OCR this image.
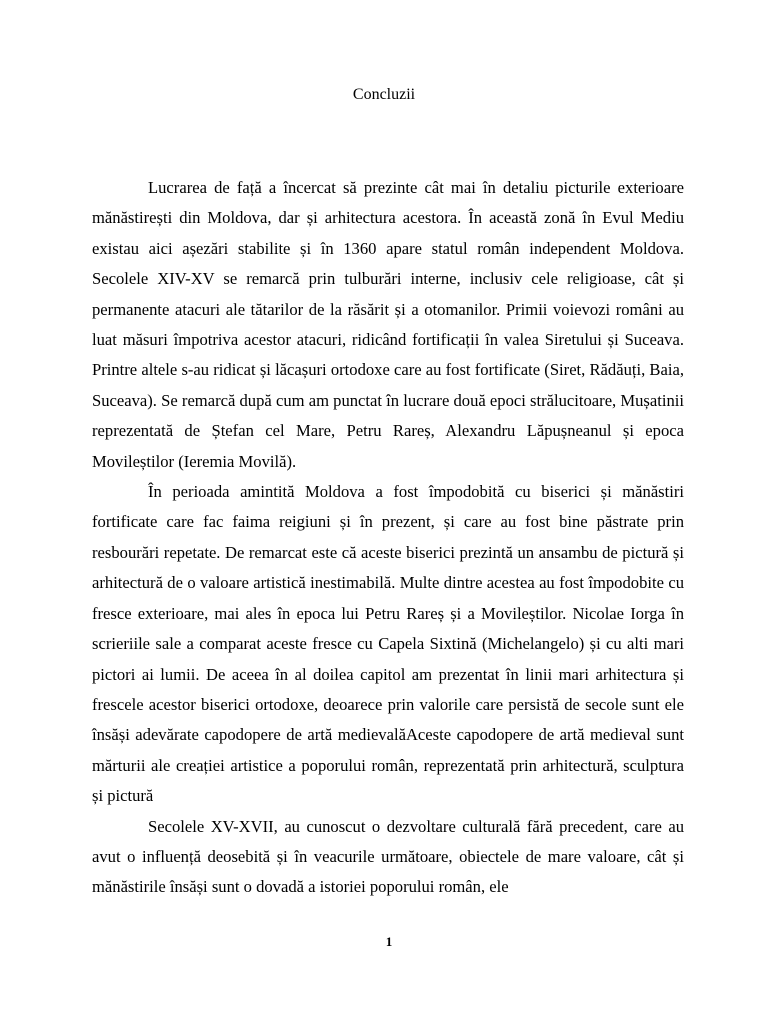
Concluzii

Lucrarea de față a încercat să prezinte cât mai în detaliu picturile exterioare mănăstirești din Moldova, dar și arhitectura acestora. În această zonă în Evul Mediu existau aici așezări stabilite și în 1360 apare statul român independent Moldova. Secolele XIV-XV se remarcă prin tulburări interne, inclusiv cele religioase, cât și permanente atacuri ale tătarilor de la răsărit și a otomanilor. Primii voievozi români au luat măsuri împotriva acestor atacuri, ridicând fortificații în valea Siretului și Suceava. Printre altele s-au ridicat și lăcașuri ortodoxe care au fost fortificate (Siret, Rădăuți, Baia, Suceava). Se remarcă după cum am punctat în lucrare două epoci strălucitoare, Mușatinii reprezentată de Ștefan cel Mare, Petru Rareș, Alexandru Lăpușneanul și epoca Movileștilor (Ieremia Movilă).

În perioada amintită Moldova a fost împodobită cu biserici și mănăstiri fortificate care fac faima reigiuni și în prezent, și care au fost bine păstrate prin resbourări repetate. De remarcat este că aceste biserici prezintă un ansambu de pictură și arhitectură de o valoare artistică inestimabilă. Multe dintre acestea au fost împodobite cu fresce exterioare, mai ales în epoca lui Petru Rareș și a Movileștilor. Nicolae Iorga în scrieriile sale a comparat aceste fresce cu Capela Sixtină (Michelangelo) și cu alti mari pictori ai lumii. De aceea în al doilea capitol am prezentat în linii mari arhitectura și frescele acestor biserici ortodoxe, deoarece prin valorile care persistă de secole sunt ele însăși adevărate capodopere de artă medievalăAceste capodopere de artă medieval sunt mărturii ale creației artistice a poporului român, reprezentată prin arhitectură, sculptura și pictură

Secolele XV-XVII, au cunoscut o dezvoltare culturală fără precedent, care au avut o influență deosebită și în veacurile următoare, obiectele de mare valoare, cât și mănăstirile însăși sunt o dovadă a istoriei poporului român, ele

1
